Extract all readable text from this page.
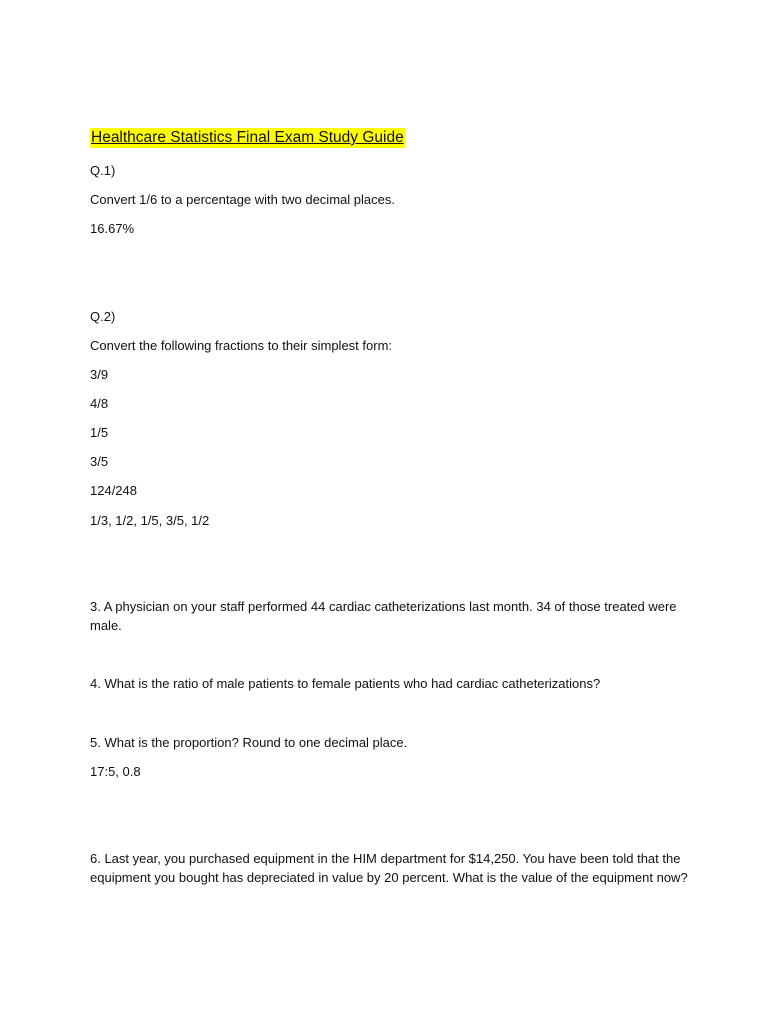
Healthcare Statistics Final Exam Study Guide
Q.1)
Convert 1/6 to a percentage with two decimal places.
16.67%
Q.2)
Convert the following fractions to their simplest form:
3/9
4/8
1/5
3/5
124/248
1/3, 1/2, 1/5, 3/5, 1/2
3. A physician on your staff performed 44 cardiac catheterizations last month. 34 of those treated were male.
4. What is the ratio of male patients to female patients who had cardiac catheterizations?
5. What is the proportion? Round to one decimal place.
17:5, 0.8
6. Last year, you purchased equipment in the HIM department for $14,250. You have been told that the equipment you bought has depreciated in value by 20 percent. What is the value of the equipment now?
